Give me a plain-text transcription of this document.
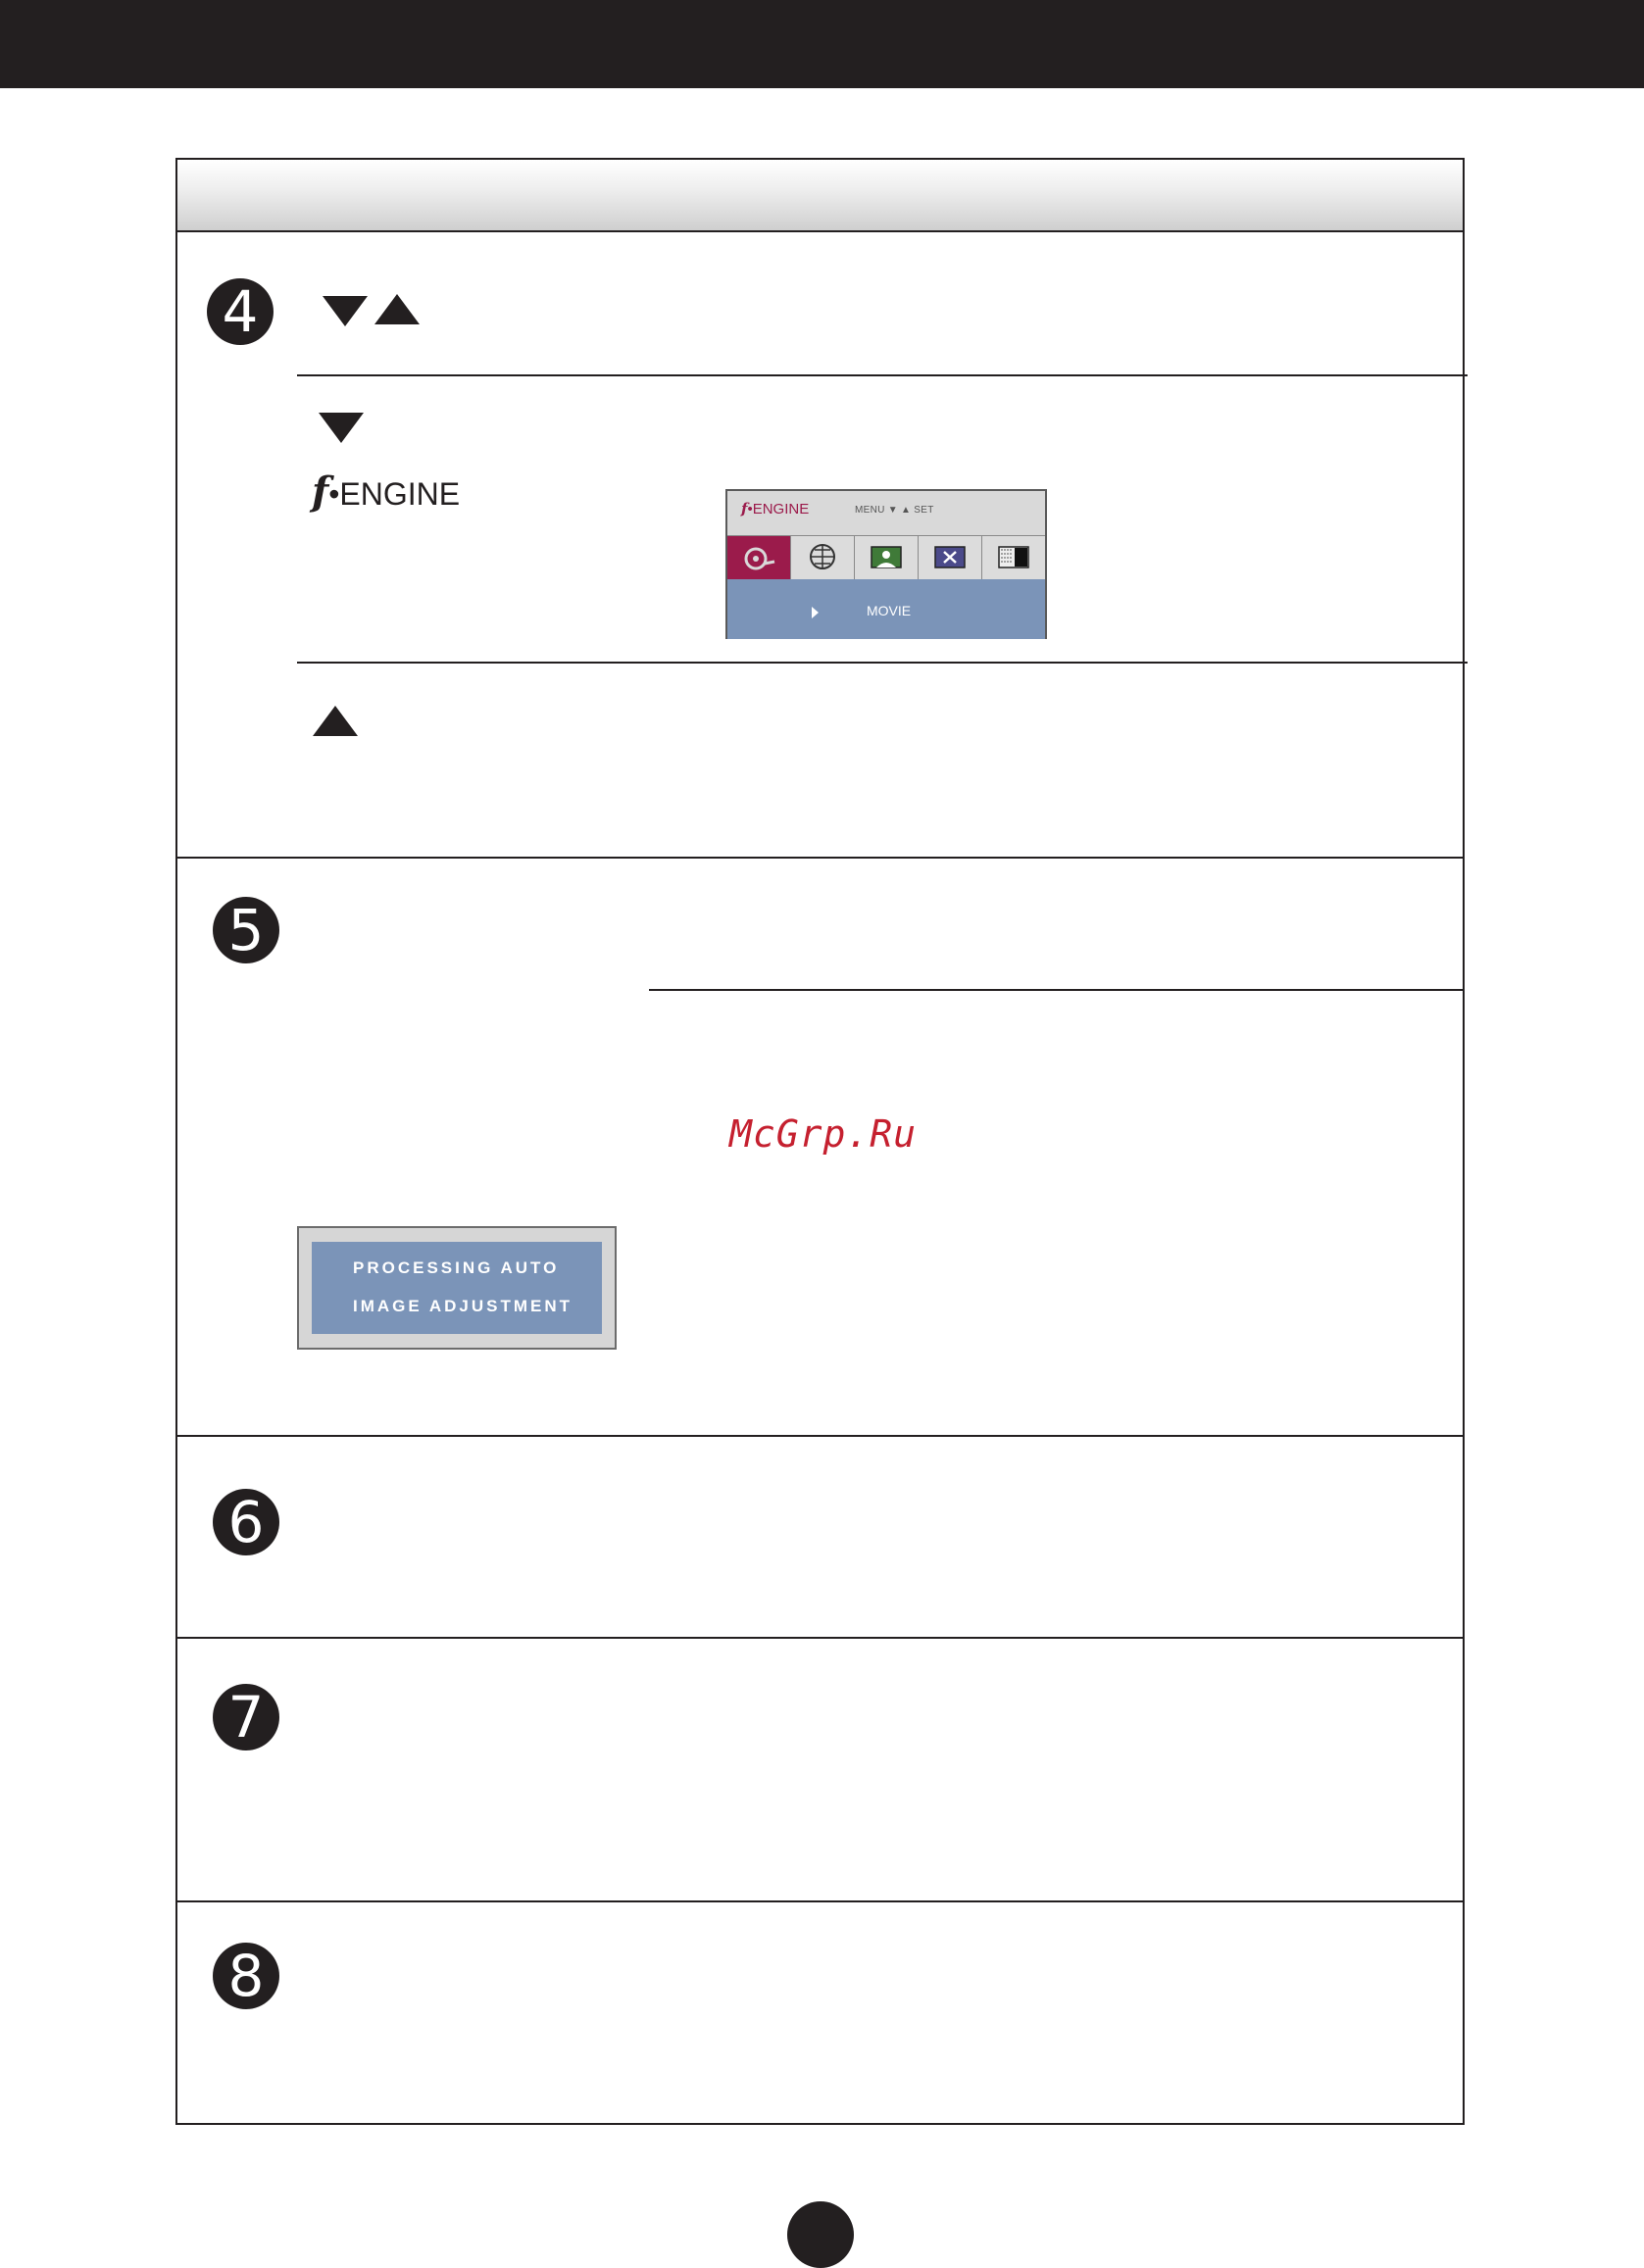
4
f•ENGINE	f•ENGINE	MENU ▼ ▲ SET
MOVIE
5
McGrp.Ru
PROCESSING AUTO
IMAGE ADJUSTMENT
6
7
8
